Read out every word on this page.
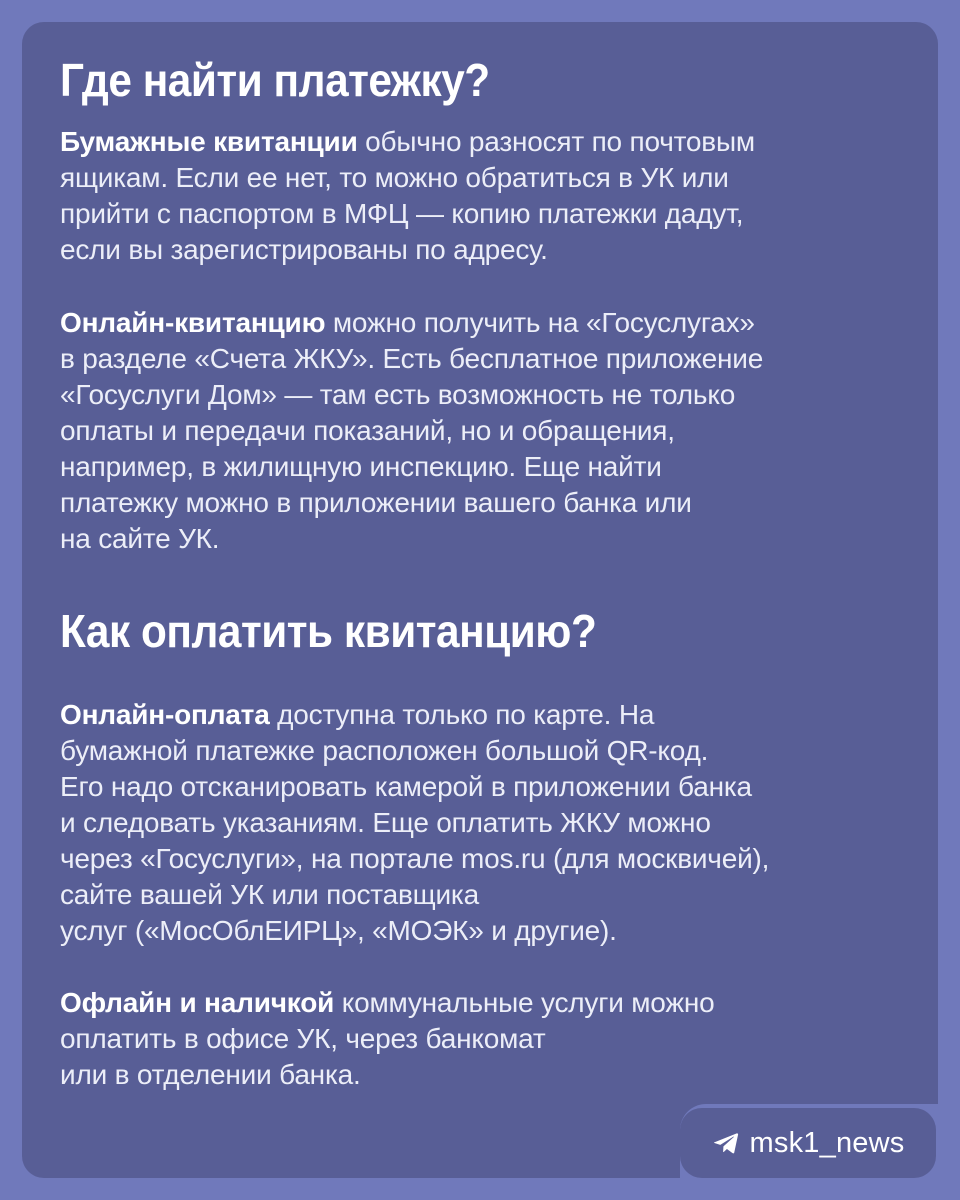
Где найти платежку?

Бумажные квитанции обычно разносят по почтовым
ящикам. Если ее нет, то можно обратиться в УК или
прийти с паспортом в МФЦ — копию платежки дадут,
если вы зарегистрированы по адресу.

Онлайн-квитанцию можно получить на «Госуслугах»
в разделе «Счета ЖКУ». Есть бесплатное приложение
«Госуслуги Дом» — там есть возможность не только
оплаты и передачи показаний, но и обращения,
например, в жилищную инспекцию. Еще найти
платежку можно в приложении вашего банка или
на сайте УК.

Как оплатить квитанцию?

Онлайн-оплата доступна только по карте. На
бумажной платежке расположен большой QR-код.
Его надо отсканировать камерой в приложении банка
и следовать указаниям. Еще оплатить ЖКУ можно
через «Госуслуги», на портале mos.ru (для москвичей),
сайте вашей УК или поставщика
услуг («МосОблЕИРЦ», «МОЭК» и другие).

Офлайн и наличкой коммунальные услуги можно
оплатить в офисе УК, через банкомат
или в отделении банка.

msk1_news
